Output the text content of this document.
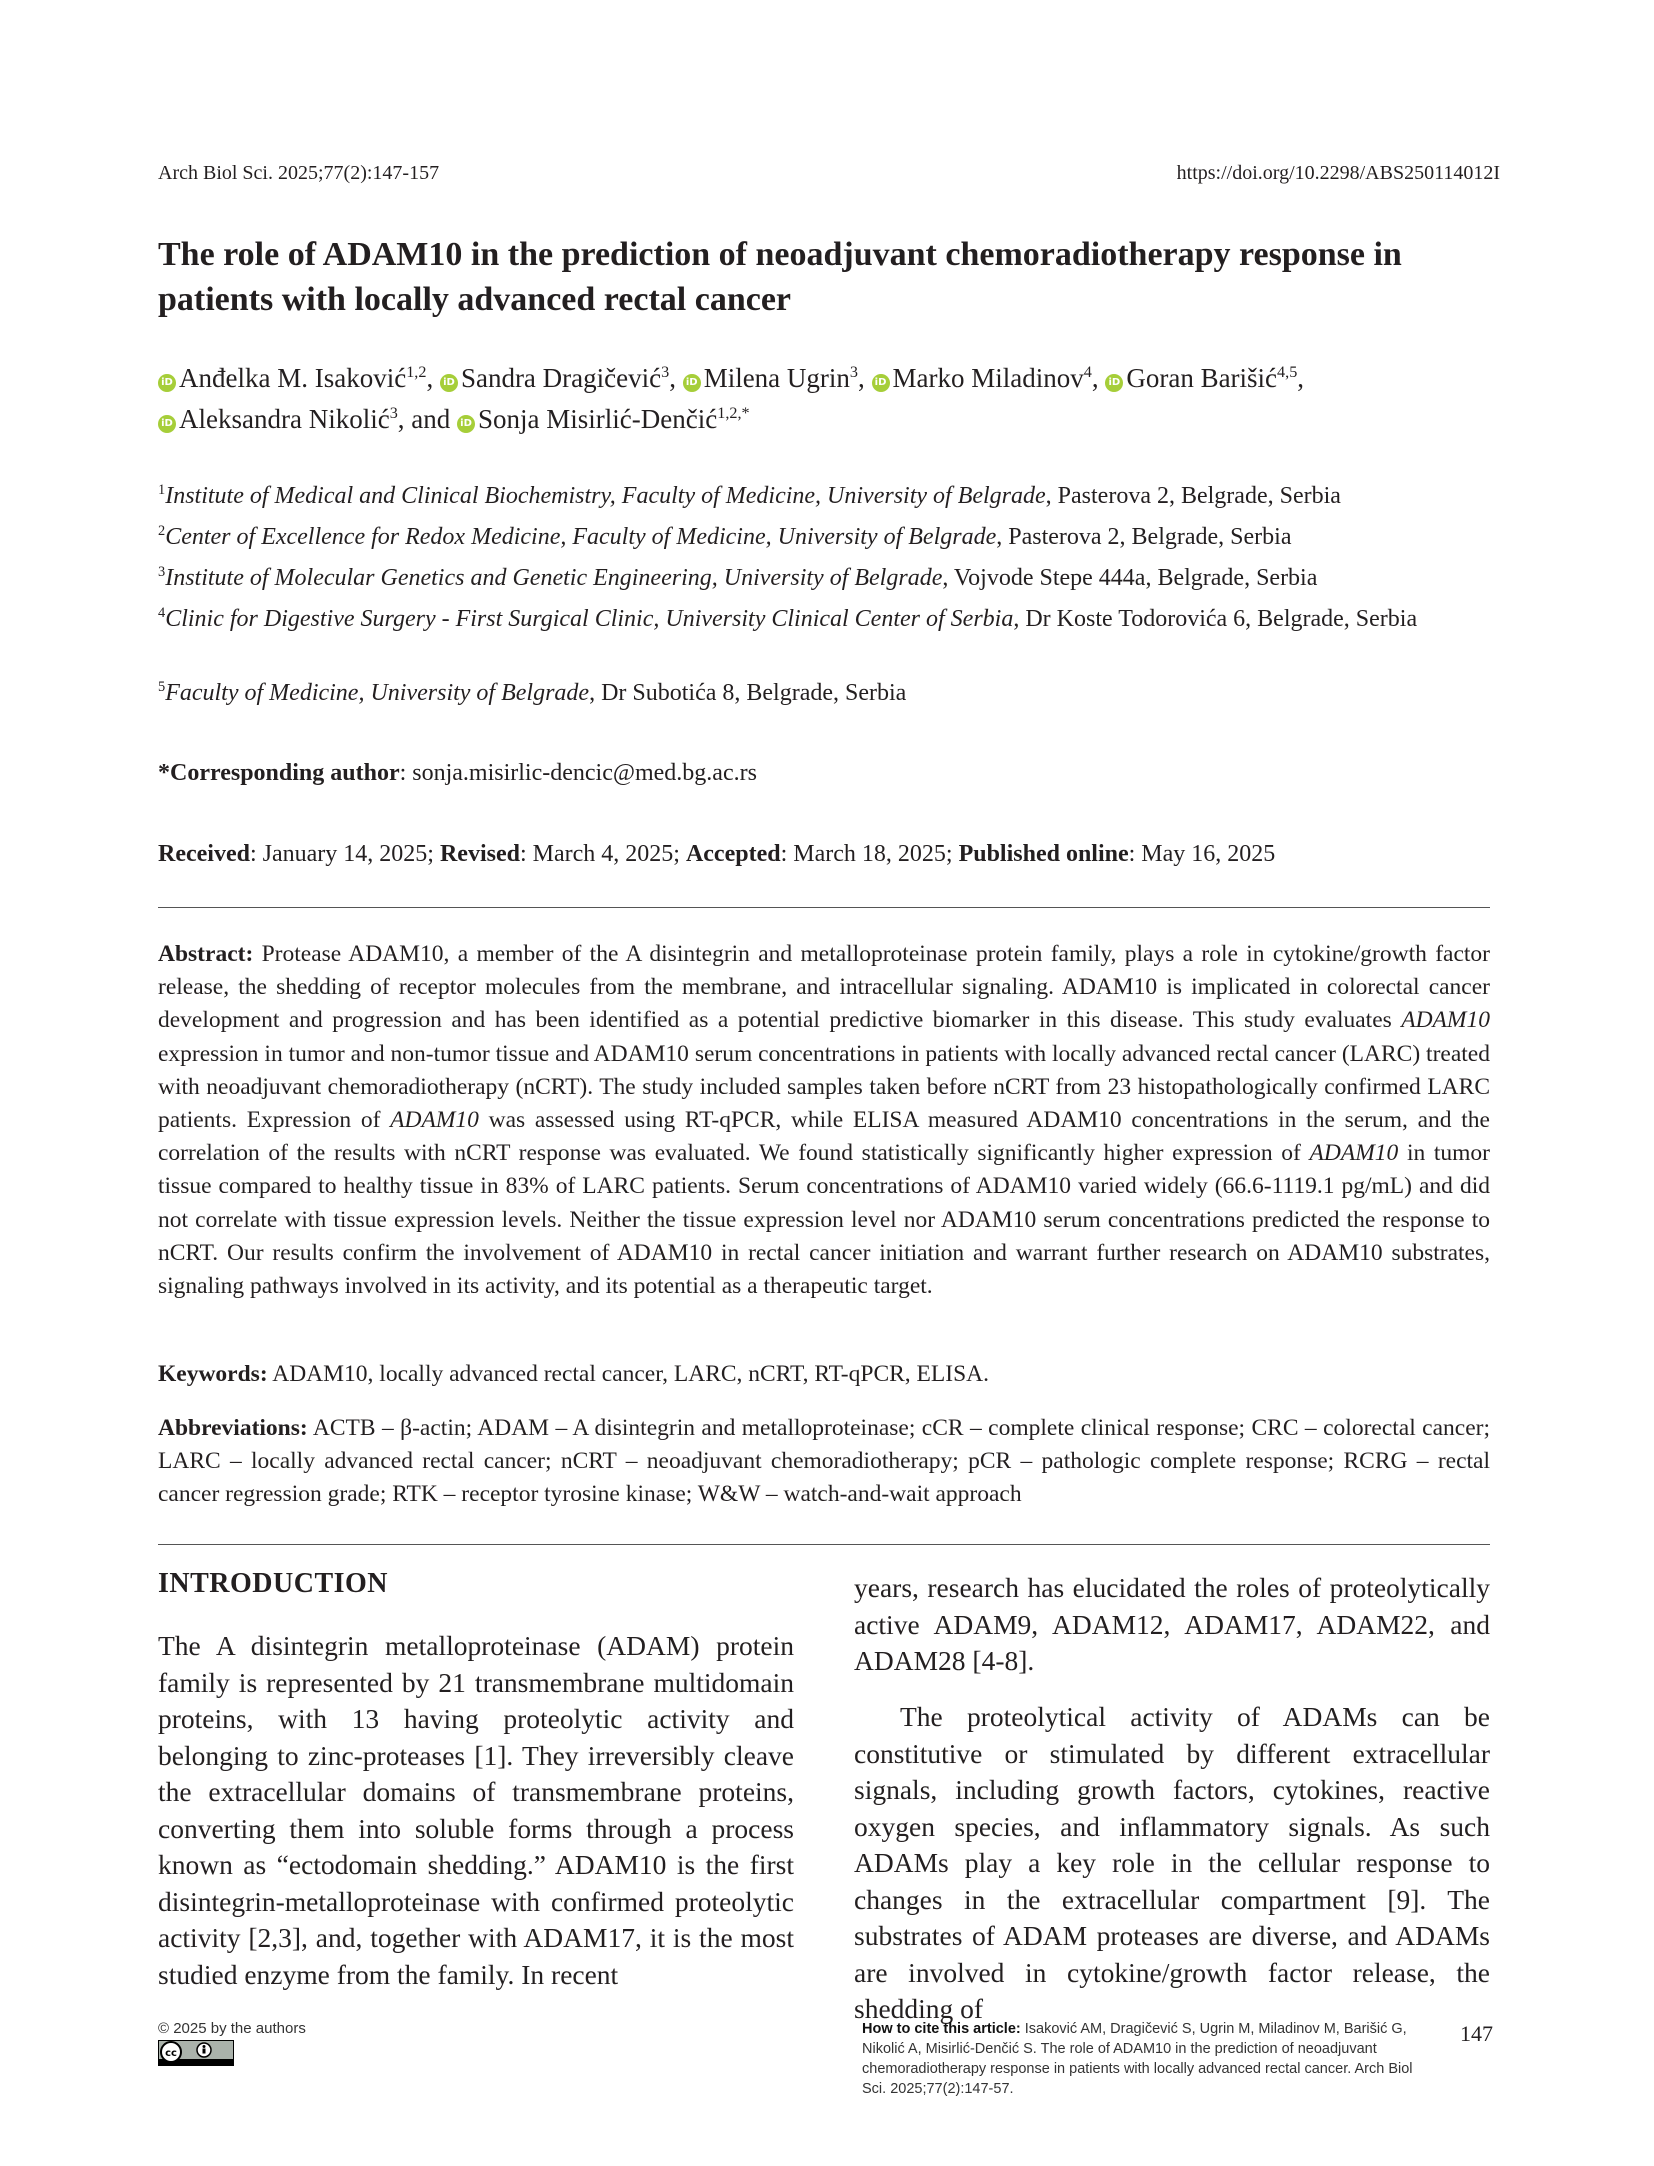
Arch Biol Sci. 2025;77(2):147-157	https://doi.org/10.2298/ABS250114012I
The role of ADAM10 in the prediction of neoadjuvant chemoradiotherapy response in
patients with locally advanced rectal cancer
iD Anđelka M. Isaković$^{1,2}$, iD Sandra Dragičević$^3$, iD Milena Ugrin$^3$, iD Marko Miladinov$^4$, iD Goran Barišić$^{4,5}$,
iD Aleksandra Nikolić$^3$, and iD Sonja Misirlić-Denčić$^{1,2,*}$
$^1$Institute of Medical and Clinical Biochemistry, Faculty of Medicine, University of Belgrade, Pasterova 2, Belgrade, Serbia
$^2$Center of Excellence for Redox Medicine, Faculty of Medicine, University of Belgrade, Pasterova 2, Belgrade, Serbia
$^3$Institute of Molecular Genetics and Genetic Engineering, University of Belgrade, Vojvode Stepe 444a, Belgrade, Serbia
$^4$Clinic for Digestive Surgery - First Surgical Clinic, University Clinical Center of Serbia, Dr Koste Todorovića 6, Belgrade, Serbia
$^5$Faculty of Medicine, University of Belgrade, Dr Subotića 8, Belgrade, Serbia
*Corresponding author: sonja.misirlic-dencic@med.bg.ac.rs
Received: January 14, 2025; Revised: March 4, 2025; Accepted: March 18, 2025; Published online: May 16, 2025

Abstract: Protease ADAM10, a member of the A disintegrin and metalloproteinase protein family, plays a role in cytokine/growth factor release, the shedding of receptor molecules from the membrane, and intracellular signaling. ADAM10 is implicated in colorectal cancer development and progression and has been identified as a potential predictive biomarker in this disease. This study evaluates ADAM10 expression in tumor and non-tumor tissue and ADAM10 serum concentrations in patients with locally advanced rectal cancer (LARC) treated with neoadjuvant chemoradiotherapy (nCRT). The study included samples taken before nCRT from 23 histopathologically confirmed LARC patients. Expression of ADAM10 was assessed using RT-qPCR, while ELISA measured ADAM10 concentrations in the serum, and the correlation of the results with nCRT response was evaluated. We found statistically significantly higher expression of ADAM10 in tumor tissue compared to healthy tissue in 83% of LARC patients. Serum concentrations of ADAM10 varied widely (66.6-1119.1 pg/mL) and did not correlate with tissue expression levels. Neither the tissue expression level nor ADAM10 serum concentrations predicted the response to nCRT. Our results confirm the involvement of ADAM10 in rectal cancer initiation and warrant further research on ADAM10 substrates, signaling pathways involved in its activity, and its potential as a therapeutic target.

Keywords: ADAM10, locally advanced rectal cancer, LARC, nCRT, RT-qPCR, ELISA.

Abbreviations: ACTB – β-actin; ADAM – A disintegrin and metalloproteinase; cCR – complete clinical response; CRC – colorectal cancer; LARC – locally advanced rectal cancer; nCRT – neoadjuvant chemoradiotherapy; pCR – pathologic complete response; RCRG – rectal cancer regression grade; RTK – receptor tyrosine kinase; W&W – watch-and-wait approach

INTRODUCTION

The A disintegrin metalloproteinase (ADAM) protein family is represented by 21 transmembrane multidomain proteins, with 13 having proteolytic activity and belonging to zinc-proteases [1]. They irreversibly cleave the extracellular domains of transmembrane proteins, converting them into soluble forms through a process known as “ectodomain shedding.” ADAM10 is the first disintegrin-metalloproteinase with confirmed proteolytic activity [2,3], and, together with ADAM17, it is the most studied enzyme from the family. In recent

years, research has elucidated the roles of proteolytically active ADAM9, ADAM12, ADAM17, ADAM22, and ADAM28 [4-8].

The proteolytical activity of ADAMs can be constitutive or stimulated by different extracellular signals, including growth factors, cytokines, reactive oxygen species, and inflammatory signals. As such ADAMs play a key role in the cellular response to changes in the extracellular compartment [9]. The substrates of ADAM proteases are diverse, and ADAMs are involved in cytokine/growth factor release, the shedding of

© 2025 by the authors
cc
How to cite this article: Isaković AM, Dragičević S, Ugrin M, Miladinov M, Barišić G, Nikolić A, Misirlić-Denčić S. The role of ADAM10 in the prediction of neoadjuvant chemoradiotherapy response in patients with locally advanced rectal cancer. Arch Biol Sci. 2025;77(2):147-57.
147
